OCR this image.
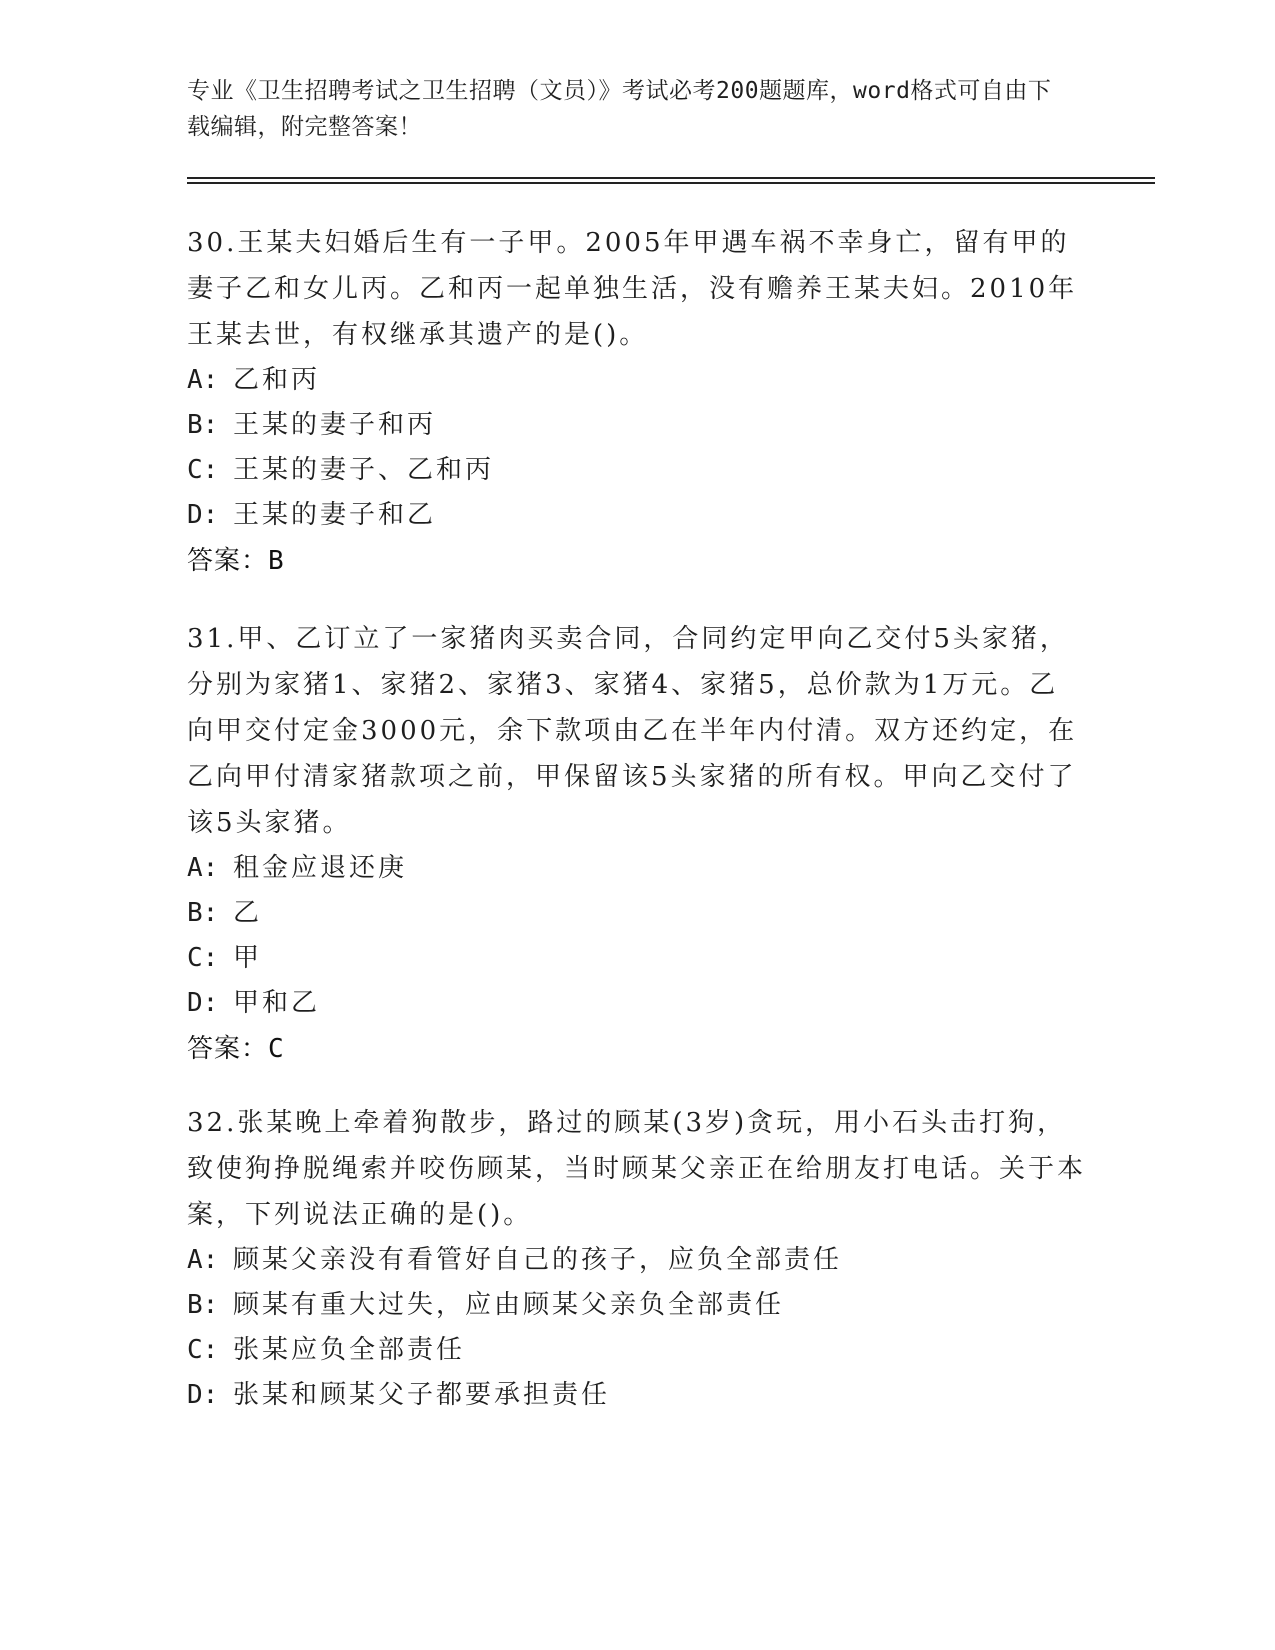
专业《卫生招聘考试之卫生招聘（文员）》考试必考200题题库，word格式可自由下载编辑，附完整答案！
30.王某夫妇婚后生有一子甲。2005年甲遇车祸不幸身亡，留有甲的妻子乙和女儿丙。乙和丙一起单独生活，没有赡养王某夫妇。2010年王某去世，有权继承其遗产的是()。
A: 乙和丙
B: 王某的妻子和丙
C: 王某的妻子、乙和丙
D: 王某的妻子和乙
答案：B
31.甲、乙订立了一家猪肉买卖合同，合同约定甲向乙交付5头家猪，分别为家猪1、家猪2、家猪3、家猪4、家猪5，总价款为1万元。乙向甲交付定金3000元，余下款项由乙在半年内付清。双方还约定，在乙向甲付清家猪款项之前，甲保留该5头家猪的所有权。甲向乙交付了该5头家猪。
A: 租金应退还庚
B: 乙
C: 甲
D: 甲和乙
答案：C
32.张某晚上牵着狗散步，路过的顾某(3岁)贪玩，用小石头击打狗，致使狗挣脱绳索并咬伤顾某，当时顾某父亲正在给朋友打电话。关于本案，下列说法正确的是()。
A: 顾某父亲没有看管好自己的孩子，应负全部责任
B: 顾某有重大过失，应由顾某父亲负全部责任
C: 张某应负全部责任
D: 张某和顾某父子都要承担责任
